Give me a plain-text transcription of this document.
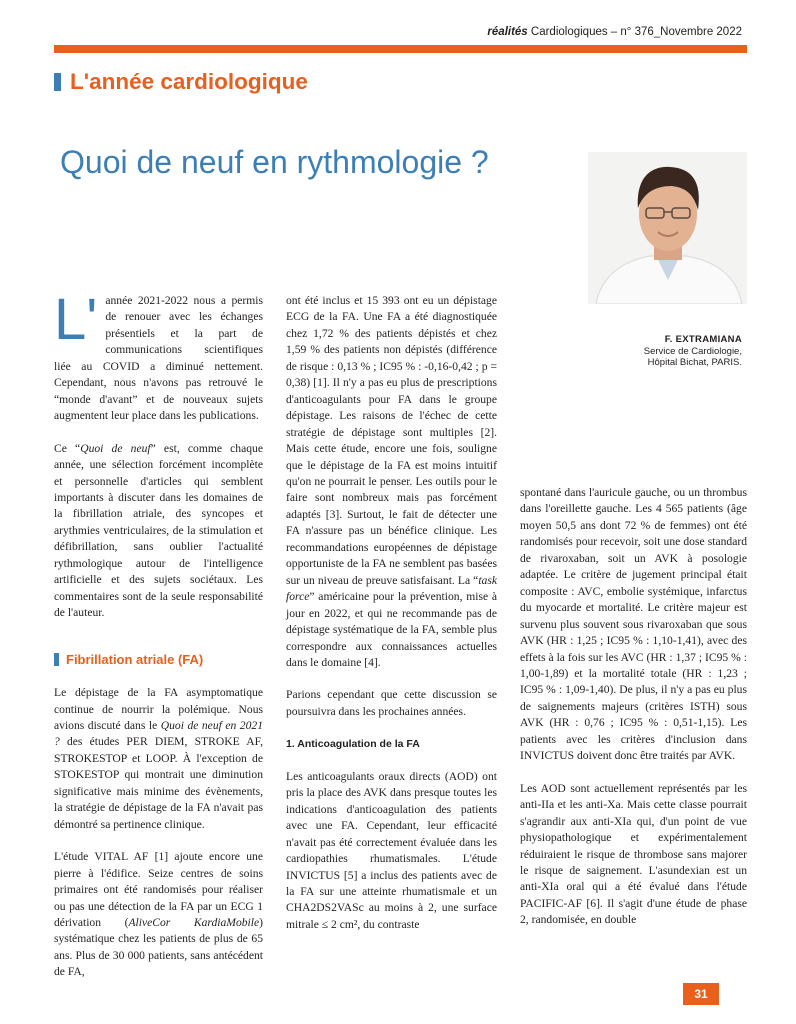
réalités Cardiologiques – n° 376_Novembre 2022
L'année cardiologique
Quoi de neuf en rythmologie ?
F. EXTRAMIANA
Service de Cardiologie,
Hôpital Bichat, PARIS.

L' année 2021-2022 nous a permis de renouer avec les échanges présentiels et la part de communications scientifiques liée au COVID a diminué nettement. Cependant, nous n'avons pas retrouvé le “monde d'avant” et de nouveaux sujets augmentent leur place dans les publications.

Ce “Quoi de neuf” est, comme chaque année, une sélection forcément incomplète et personnelle d'articles qui semblent importants à discuter dans les domaines de la fibrillation atriale, des syncopes et arythmies ventriculaires, de la stimulation et défibrillation, sans oublier l'actualité rythmologique autour de l'intelligence artificielle et des sujets sociétaux. Les commentaires sont de la seule responsabilité de l'auteur.

Fibrillation atriale (FA)

Le dépistage de la FA asymptomatique continue de nourrir la polémique. Nous avions discuté dans le Quoi de neuf en 2021 ? des études PER DIEM, STROKE AF, STROKESTOP et LOOP. À l'exception de STOKESTOP qui montrait une diminution significative mais minime des évènements, la stratégie de dépistage de la FA n'avait pas démontré sa pertinence clinique.

L'étude VITAL AF [1] ajoute encore une pierre à l'édifice. Seize centres de soins primaires ont été randomisés pour réaliser ou pas une détection de la FA par un ECG 1 dérivation (AliveCor KardiaMobile) systématique chez les patients de plus de 65 ans. Plus de 30 000 patients, sans antécédent de FA,

ont été inclus et 15 393 ont eu un dépistage ECG de la FA. Une FA a été diagnostiquée chez 1,72 % des patients dépistés et chez 1,59 % des patients non dépistés (différence de risque : 0,13 % ; IC95 % : -0,16-0,42 ; p = 0,38) [1]. Il n'y a pas eu plus de prescriptions d'anticoagulants pour FA dans le groupe dépistage. Les raisons de l'échec de cette stratégie de dépistage sont multiples [2]. Mais cette étude, encore une fois, souligne que le dépistage de la FA est moins intuitif qu'on ne pourrait le penser. Les outils pour le faire sont nombreux mais pas forcément adaptés [3]. Surtout, le fait de détecter une FA n'assure pas un bénéfice clinique. Les recommandations européennes de dépistage opportuniste de la FA ne semblent pas basées sur un niveau de preuve satisfaisant. La “task force” américaine pour la prévention, mise à jour en 2022, et qui ne recommande pas de dépistage systématique de la FA, semble plus correspondre aux connaissances actuelles dans le domaine [4].

Parions cependant que cette discussion se poursuivra dans les prochaines années.

1. Anticoagulation de la FA

Les anticoagulants oraux directs (AOD) ont pris la place des AVK dans presque toutes les indications d'anticoagulation des patients avec une FA. Cependant, leur efficacité n'avait pas été correctement évaluée dans les cardiopathies rhumatismales. L'étude INVICTUS [5] a inclus des patients avec de la FA sur une atteinte rhumatismale et un CHA2DS2VASc au moins à 2, une surface mitrale ≤ 2 cm², du contraste

spontané dans l'auricule gauche, ou un thrombus dans l'oreillette gauche. Les 4 565 patients (âge moyen 50,5 ans dont 72 % de femmes) ont été randomisés pour recevoir, soit une dose standard de rivaroxaban, soit un AVK à posologie adaptée. Le critère de jugement principal était composite : AVC, embolie systémique, infarctus du myocarde et mortalité. Le critère majeur est survenu plus souvent sous rivaroxaban que sous AVK (HR : 1,25 ; IC95 % : 1,10-1,41), avec des effets à la fois sur les AVC (HR : 1,37 ; IC95 % : 1,00-1,89) et la mortalité totale (HR : 1,23 ; IC95 % : 1,09-1,40). De plus, il n'y a pas eu plus de saignements majeurs (critères ISTH) sous AVK (HR : 0,76 ; IC95 % : 0,51-1,15). Les patients avec les critères d'inclusion dans INVICTUS doivent donc être traités par AVK.

Les AOD sont actuellement représentés par les anti-IIa et les anti-Xa. Mais cette classe pourrait s'agrandir aux anti-XIa qui, d'un point de vue physiopathologique et expérimentalement réduiraient le risque de thrombose sans majorer le risque de saignement. L'asundexian est un anti-XIa oral qui a été évalué dans l'étude PACIFIC-AF [6]. Il s'agit d'une étude de phase 2, randomisée, en double

31
